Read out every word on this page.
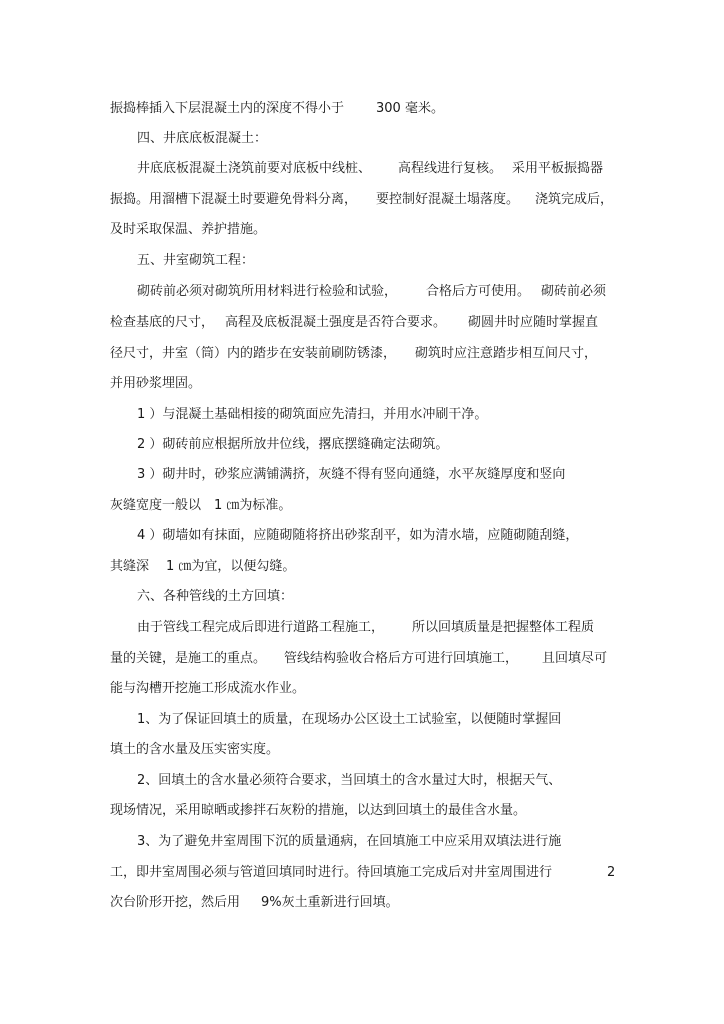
振捣棒插入下层混凝土内的深度不得小于

300 毫米。

四、井底底板混凝土：

井底底板混凝土浇筑前要对底板中线桩、

高程线进行复核。

采用平板振捣器

振捣。用溜槽下混凝土时要避免骨料分离，

要控制好混凝土塌落度。

浇筑完成后，

及时采取保温、养护措施。

五、井室砌筑工程：

砌砖前必须对砌筑所用材料进行检验和试验，

合格后方可使用。

砌砖前必须

检查基底的尺寸，

高程及底板混凝土强度是否符合要求。

砌圆井时应随时掌握直

径尺寸，井室（筒）内的踏步在安装前刷防锈漆，

砌筑时应注意踏步相互间尺寸，

并用砂浆埋固。

1 ）与混凝土基础相接的砌筑面应先清扫，并用水冲刷干净。

2 ）砌砖前应根据所放井位线，撂底摆缝确定法砌筑。

3 ）砌井时，砂浆应满铺满挤，灰缝不得有竖向通缝，水平灰缝厚度和竖向

灰缝宽度一般以

1 ㎝为标准。

4 ）砌墙如有抹面，应随砌随将挤出砂浆刮平，如为清水墙，应随砌随刮缝，

其缝深

1 ㎝为宜，以便勾缝。

六、各种管线的土方回填：

由于管线工程完成后即进行道路工程施工，

所以回填质量是把握整体工程质

量的关键，是施工的重点。

管线结构验收合格后方可进行回填施工，

且回填尽可

能与沟槽开挖施工形成流水作业。

1、为了保证回填土的质量，在现场办公区设土工试验室，以便随时掌握回

填土的含水量及压实密实度。

2、回填土的含水量必须符合要求，当回填土的含水量过大时，根据天气、

现场情况，采用晾晒或掺拌石灰粉的措施，以达到回填土的最佳含水量。

3、为了避免井室周围下沉的质量通病，在回填施工中应采用双填法进行施

工，即井室周围必须与管道回填同时进行。待回填施工完成后对井室周围进行

	2

次台阶形开挖，然后用

9%灰土重新进行回填。
